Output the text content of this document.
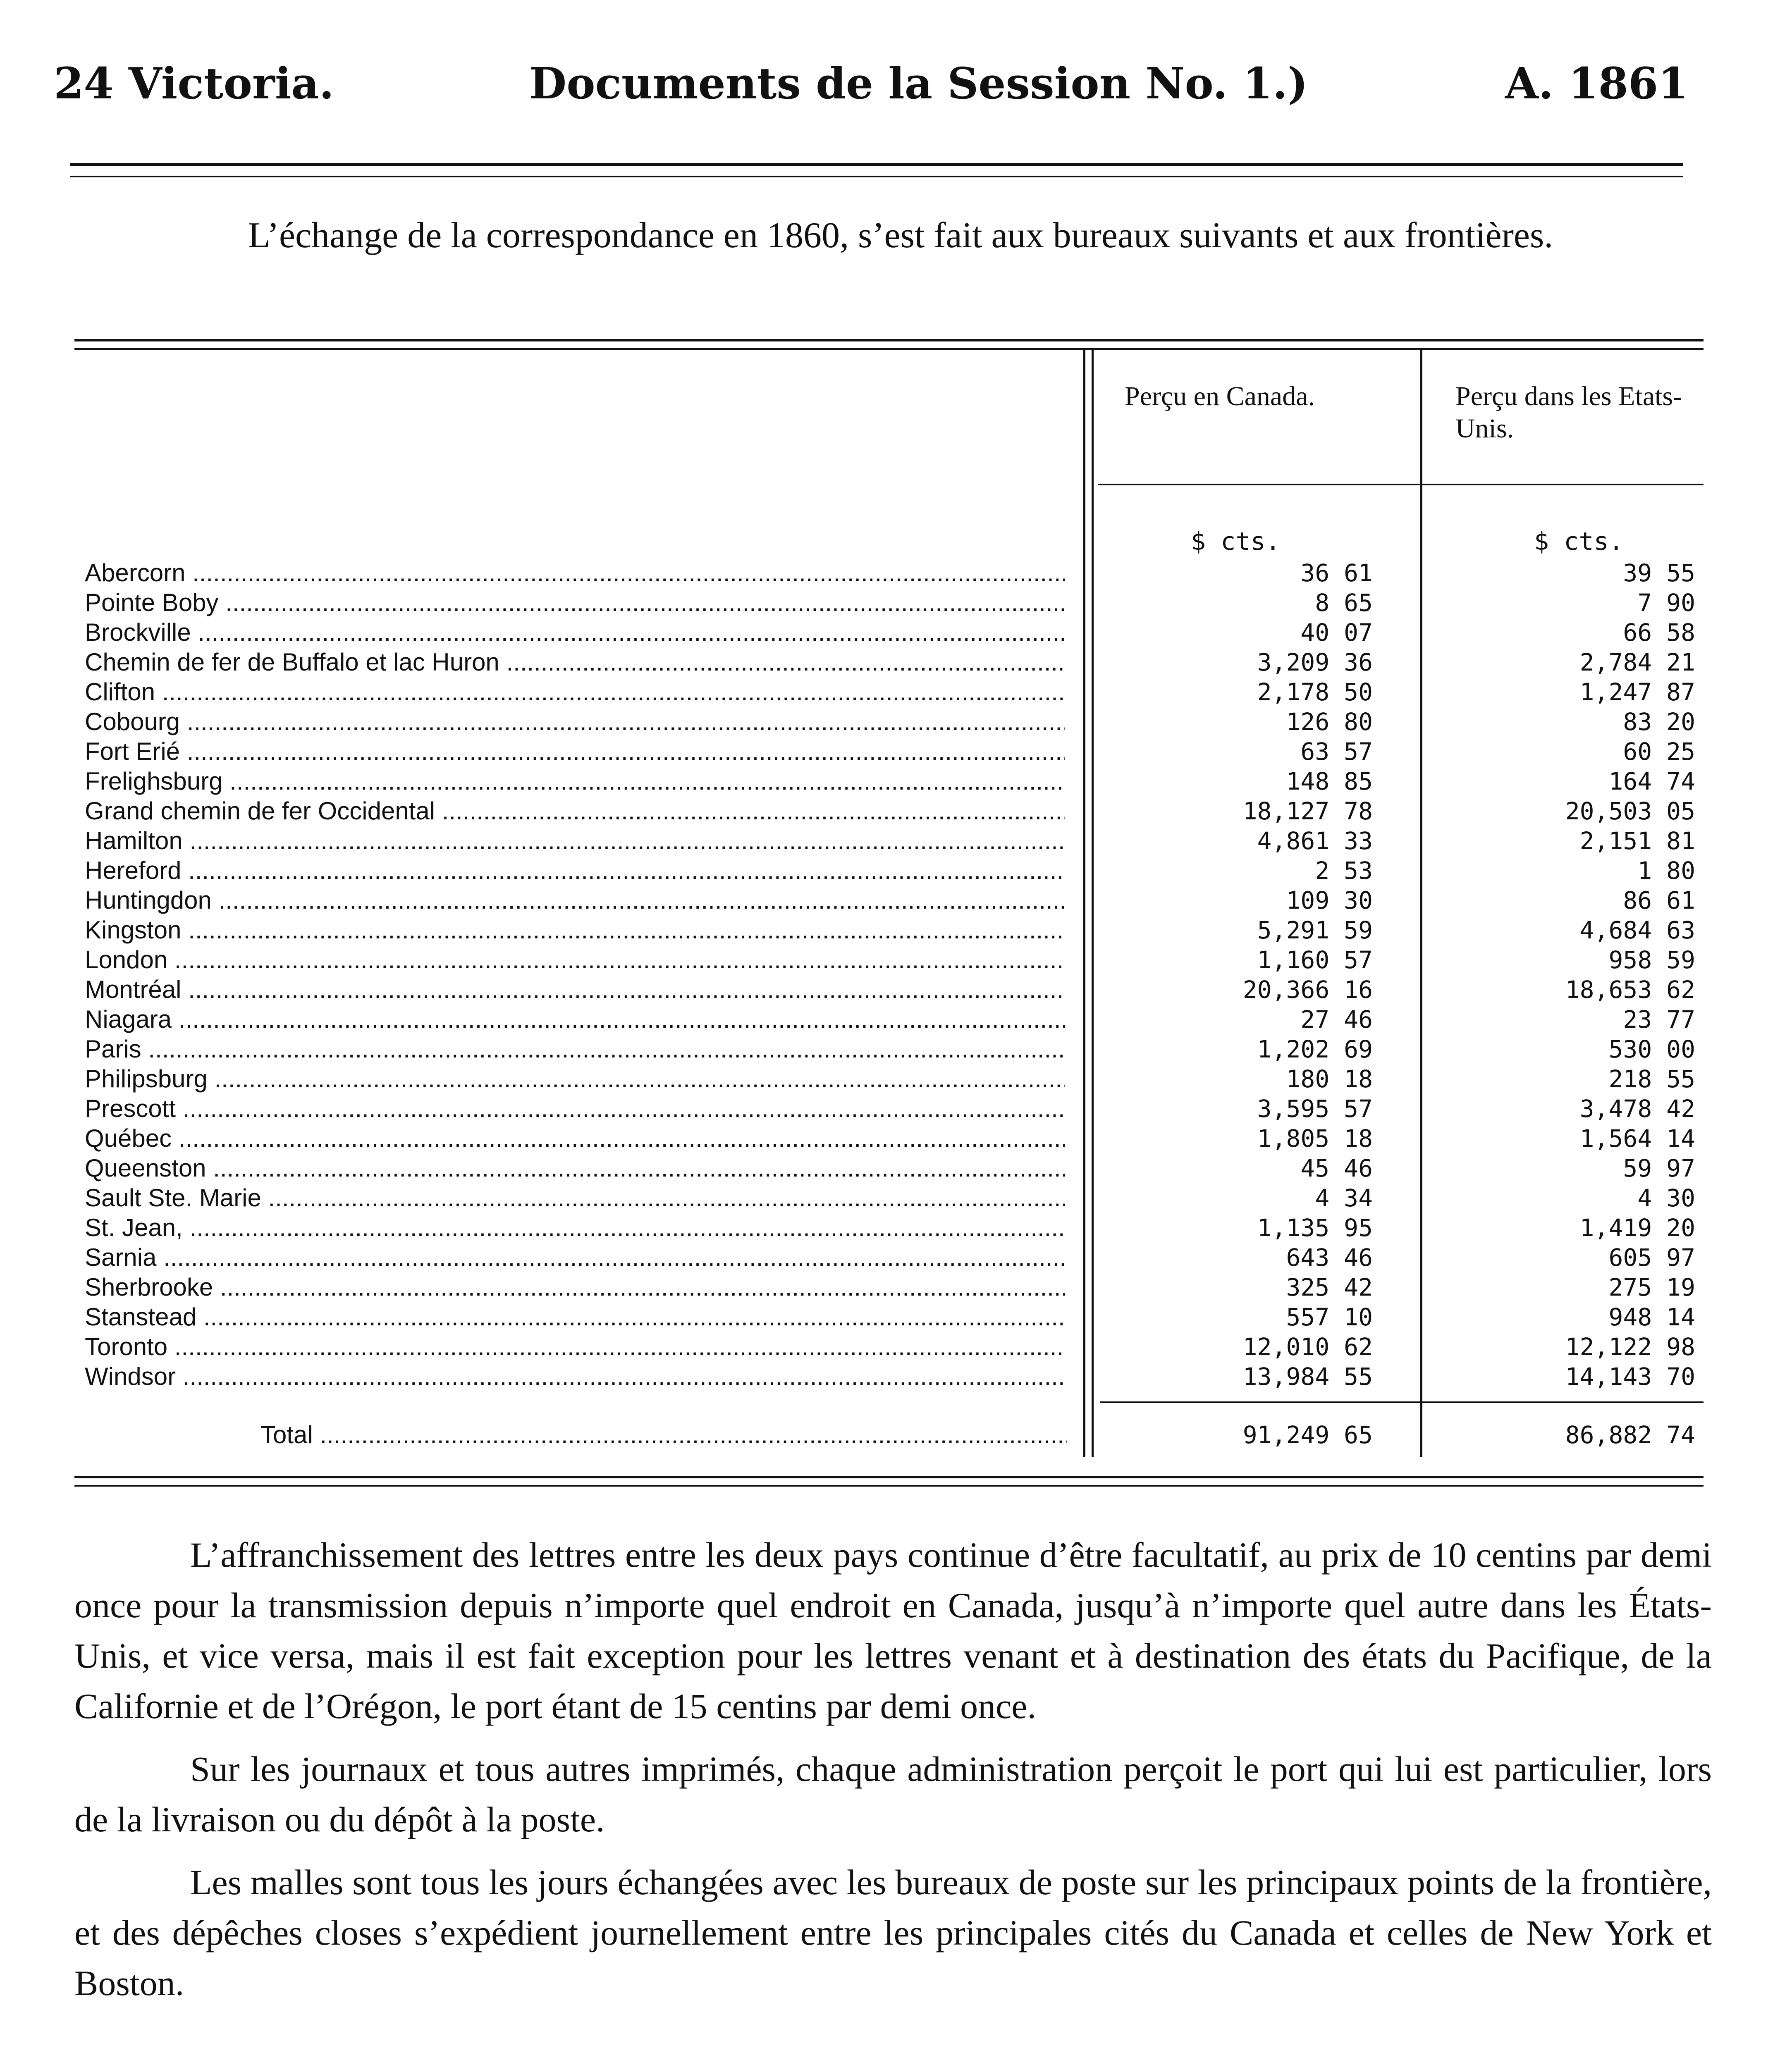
24 Victoria.	Documents de la Session No. 1.)	A. 1861
L’échange de la correspondance en 1860, s’est fait aux bureaux suivants et aux frontières.
Perçu en Canada.	Perçu dans les Etats-Unis.
$ cts.	$ cts.
Abercorn .....	36 61	39 55
Pointe Boby .....	8 65	7 90
Brockville .....	40 07	66 58
Chemin de fer de Buffalo et lac Huron .....	3,209 36	2,784 21
Clifton .....	2,178 50	1,247 87
Cobourg .....	126 80	83 20
Fort Erié .....	63 57	60 25
Frelighsburg .....	148 85	164 74
Grand chemin de fer Occidental .....	18,127 78	20,503 05
Hamilton .....	4,861 33	2,151 81
Hereford .....	2 53	1 80
Huntingdon .....	109 30	86 61
Kingston .....	5,291 59	4,684 63
London .....	1,160 57	958 59
Montréal .....	20,366 16	18,653 62
Niagara .....	27 46	23 77
Paris .....	1,202 69	530 00
Philipsburg .....	180 18	218 55
Prescott .....	3,595 57	3,478 42
Québec .....	1,805 18	1,564 14
Queenston .....	45 46	59 97
Sault Ste. Marie .....	4 34	4 30
St. Jean, .....	1,135 95	1,419 20
Sarnia .....	643 46	605 97
Sherbrooke .....	325 42	275 19
Stanstead .....	557 10	948 14
Toronto .....	12,010 62	12,122 98
Windsor .....	13,984 55	14,143 70
Total .....	91,249 65	86,882 74

L’affranchissement des lettres entre les deux pays continue d’être facultatif, au prix de 10 centins par demi once pour la transmission depuis n’importe quel endroit en Canada, jusqu’à n’importe quel autre dans les États-Unis, et vice versa, mais il est fait exception pour les lettres venant et à destination des états du Pacifique, de la Californie et de l’Orégon, le port étant de 15 centins par demi once.

Sur les journaux et tous autres imprimés, chaque administration perçoit le port qui lui est particulier, lors de la livraison ou du dépôt à la poste.

Les malles sont tous les jours échangées avec les bureaux de poste sur les principaux points de la frontière, et des dépêches closes s’expédient journellement entre les principales cités du Canada et celles de New York et Boston.
